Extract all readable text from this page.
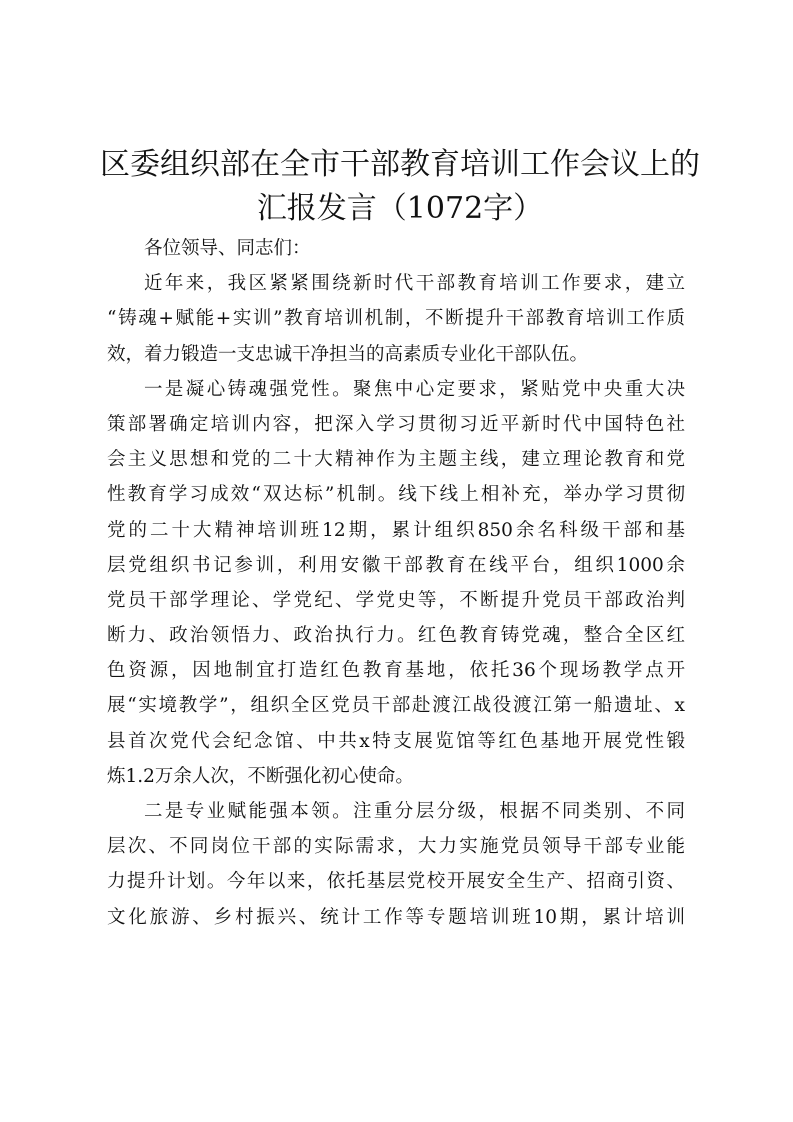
区委组织部在全市干部教育培训工作会议上的
汇报发言（1072字）
各位领导、同志们：
近年来，我区紧紧围绕新时代干部教育培训工作要求，建立
“铸魂+赋能+实训”教育培训机制，不断提升干部教育培训工作质
效，着力锻造一支忠诚干净担当的高素质专业化干部队伍。
一是凝心铸魂强党性。聚焦中心定要求，紧贴党中央重大决
策部署确定培训内容，把深入学习贯彻习近平新时代中国特色社
会主义思想和党的二十大精神作为主题主线，建立理论教育和党
性教育学习成效“双达标”机制。线下线上相补充，举办学习贯彻
党的二十大精神培训班12期，累计组织850余名科级干部和基
层党组织书记参训，利用安徽干部教育在线平台，组织1000余
党员干部学理论、学党纪、学党史等，不断提升党员干部政治判
断力、政治领悟力、政治执行力。红色教育铸党魂，整合全区红
色资源，因地制宜打造红色教育基地，依托36个现场教学点开
展“实境教学”，组织全区党员干部赴渡江战役渡江第一船遗址、x
县首次党代会纪念馆、中共x特支展览馆等红色基地开展党性锻
炼1.2万余人次，不断强化初心使命。
二是专业赋能强本领。注重分层分级，根据不同类别、不同
层次、不同岗位干部的实际需求，大力实施党员领导干部专业能
力提升计划。今年以来，依托基层党校开展安全生产、招商引资、
文化旅游、乡村振兴、统计工作等专题培训班10期，累计培训
